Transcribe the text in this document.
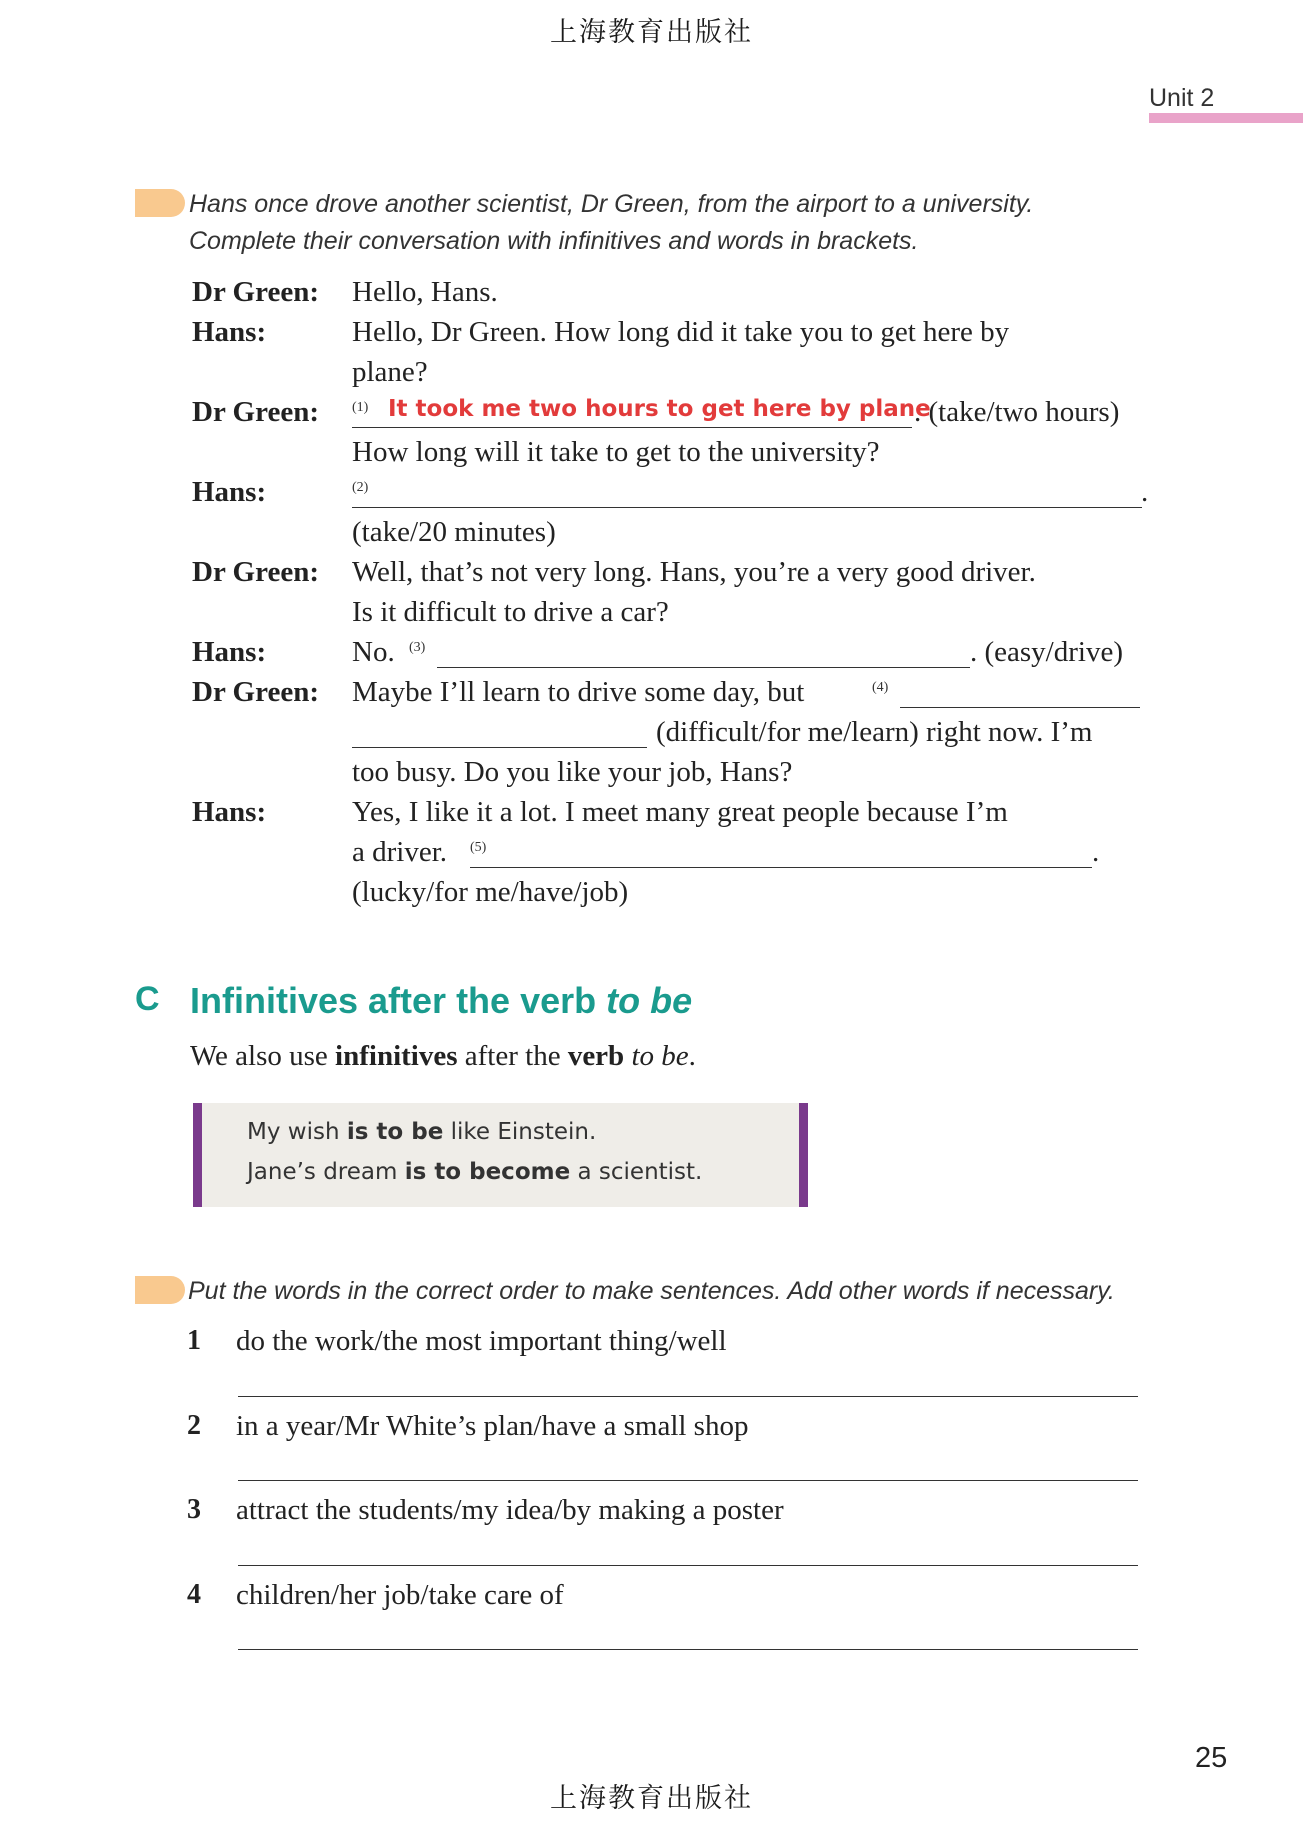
上海教育出版社
Unit 2
Hans once drove another scientist, Dr Green, from the airport to a university.
Complete their conversation with infinitives and words in brackets.
Dr Green: Hello, Hans.
Hans:	Hello, Dr Green. How long did it take you to get here by
plane?
Dr Green: (1) It took me two hours to get here by plane
. (take/two hours)
How long will it take to get to the university?
Hans:	(2)	.
(take/20 minutes)
Dr Green: Well, that’s not very long. Hans, you’re a very good driver.
Is it difficult to drive a car?
Hans:	No. (3)	. (easy/drive)
Dr Green: Maybe I’ll learn to drive some day, but	(4)
(difficult/for me/learn) right now. I’m
too busy. Do you like your job, Hans?
Hans:	Yes, I like it a lot. I meet many great people because I’m
a driver. (5)	.
(lucky/for me/have/job)
C Infinitives after the verb to be
We also use infinitives after the verb to be.
My wish is to be like Einstein.
Jane’s dream is to become a scientist.
Put the words in the correct order to make sentences. Add other words if necessary.
1 do the work/the most important thing/well
2 in a year/Mr White’s plan/have a small shop
3 attract the students/my idea/by making a poster
4 children/her job/take care of
25
上海教育出版社
